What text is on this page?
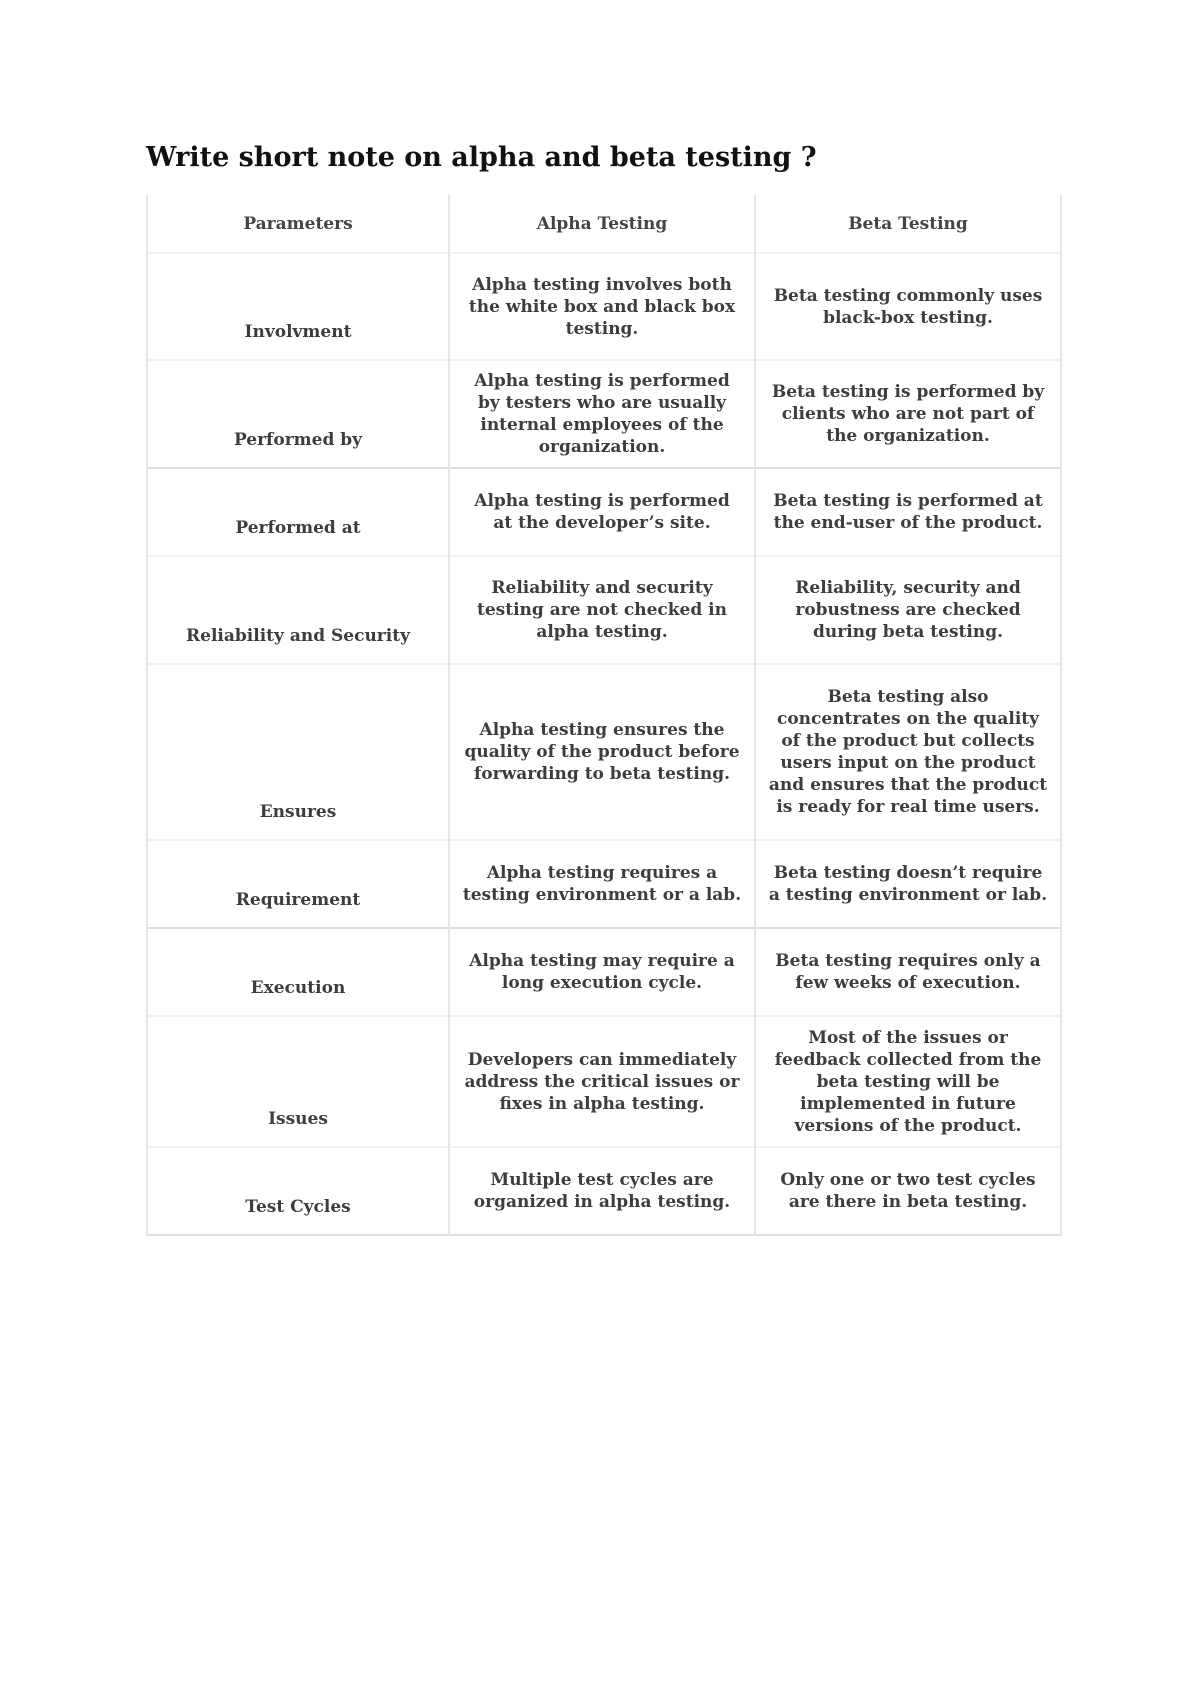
Write short note on alpha and beta testing ?
Parameters	Alpha Testing	Beta Testing
Involvment	Alpha testing involves both the white box and black box testing.	Beta testing commonly uses black-box testing.
Performed by	Alpha testing is performed by testers who are usually internal employees of the organization.	Beta testing is performed by clients who are not part of the organization.
Performed at	Alpha testing is performed at the developer’s site.	Beta testing is performed at the end-user of the product.
Reliability and Security	Reliability and security testing are not checked in alpha testing.	Reliability, security and robustness are checked during beta testing.
Ensures	Alpha testing ensures the quality of the product before forwarding to beta testing.	Beta testing also concentrates on the quality of the product but collects users input on the product and ensures that the product is ready for real time users.
Requirement	Alpha testing requires a testing environment or a lab.	Beta testing doesn’t require a testing environment or lab.
Execution	Alpha testing may require a long execution cycle.	Beta testing requires only a few weeks of execution.
Issues	Developers can immediately address the critical issues or fixes in alpha testing.	Most of the issues or feedback collected from the beta testing will be implemented in future versions of the product.
Test Cycles	Multiple test cycles are organized in alpha testing.	Only one or two test cycles are there in beta testing.
